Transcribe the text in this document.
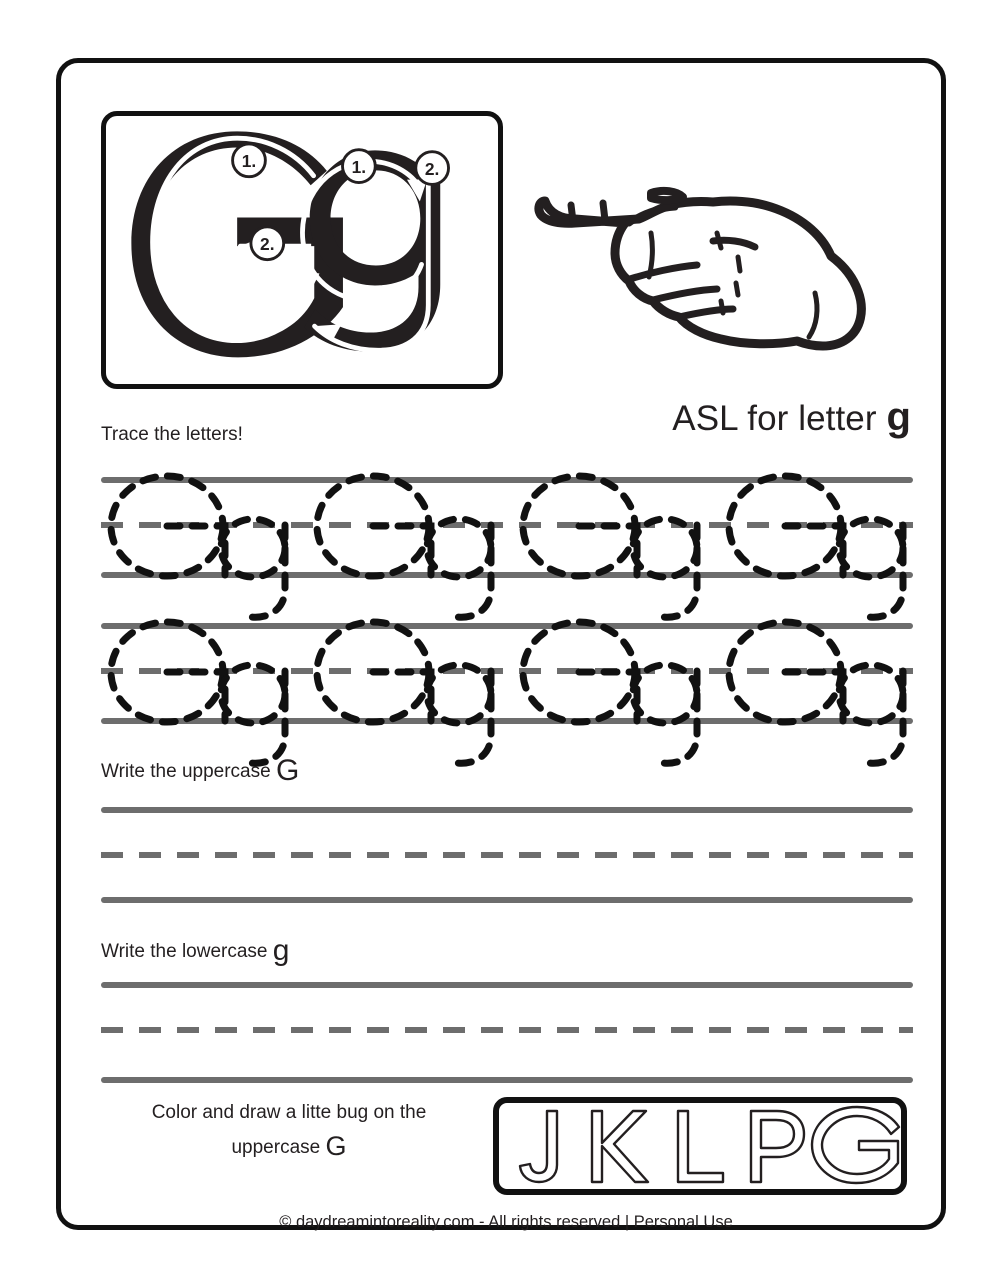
1.
2.
1.	2.
ASL for letter g
Trace the letters!
Write the uppercase G
Write the lowercase g
Color and draw a litte bug on the
uppercase G
© daydreamintoreality.com - All rights reserved | Personal Use
